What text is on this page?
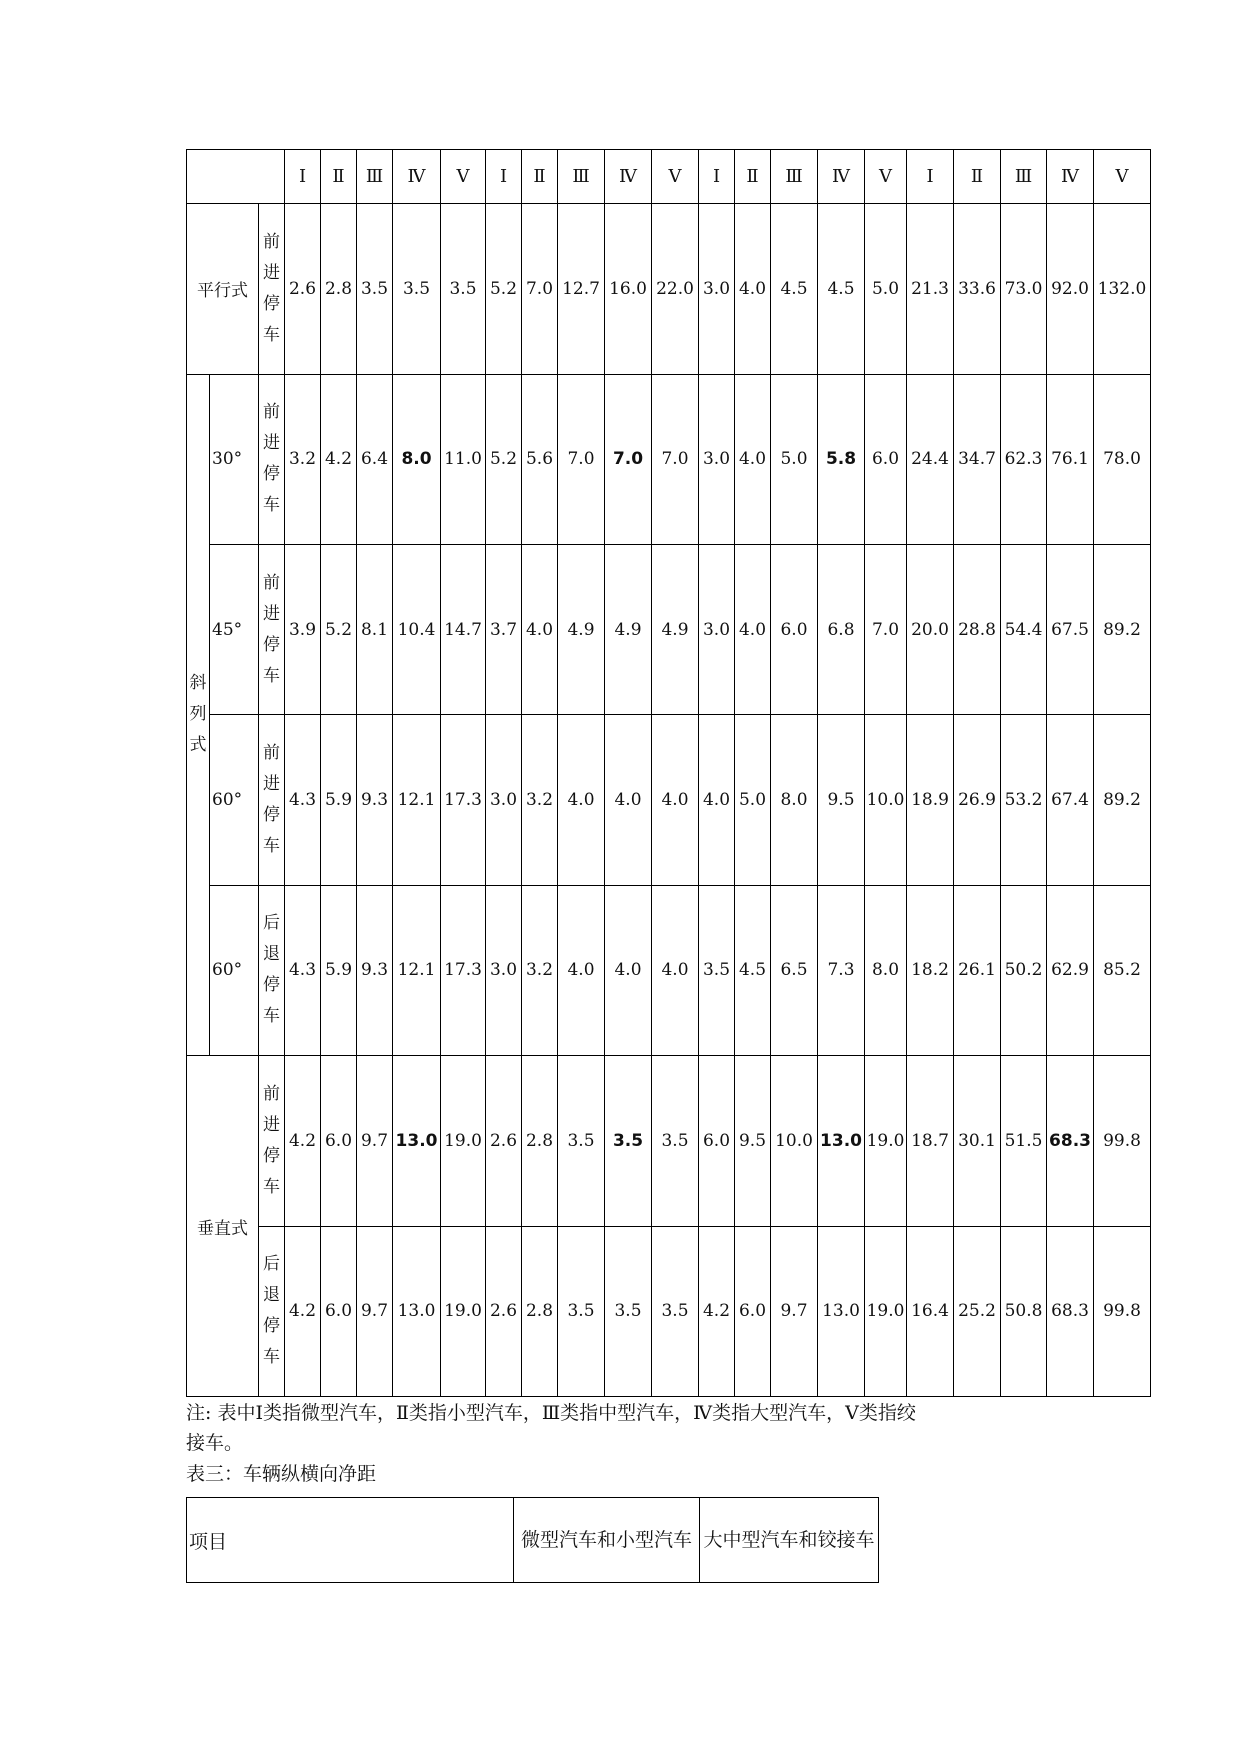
			Ⅰ	Ⅱ	Ⅲ	Ⅳ	Ⅴ	Ⅰ	Ⅱ	Ⅲ	Ⅳ	Ⅴ	Ⅰ	Ⅱ	Ⅲ	Ⅳ	Ⅴ	Ⅰ	Ⅱ	Ⅲ	Ⅳ	Ⅴ
平行式		前
进
停
车	2.6	2.8	3.5	3.5	3.5	5.2	7.0	12.7	16.0	22.0	3.0	4.0	4.5	4.5	5.0	21.3	33.6	73.0	92.0	132.0

斜
列
式	30°	前
进
停
车	3.2	4.2	6.4	8.0	11.0	5.2	5.6	7.0	7.0	7.0	3.0	4.0	5.0	5.8	6.0	24.4	34.7	62.3	76.1	78.0
	45°	前
进
停
车	3.9	5.2	8.1	10.4	14.7	3.7	4.0	4.9	4.9	4.9	3.0	4.0	6.0	6.8	7.0	20.0	28.8	54.4	67.5	89.2
	60°	前
进
停
车	4.3	5.9	9.3	12.1	17.3	3.0	3.2	4.0	4.0	4.0	4.0	5.0	8.0	9.5	10.0	18.9	26.9	53.2	67.4	89.2
	60°	后
退
停
车	4.3	5.9	9.3	12.1	17.3	3.0	3.2	4.0	4.0	4.0	3.5	4.5	6.5	7.3	8.0	18.2	26.1	50.2	62.9	85.2
垂直式		前
进
停
车	4.2	6.0	9.7	13.0	19.0	2.6	2.8	3.5	3.5	3.5	6.0	9.5	10.0	13.0	19.0	18.7	30.1	51.5	68.3	99.8

		后
退
停
车	4.2	6.0	9.7	13.0	19.0	2.6	2.8	3.5	3.5	3.5	4.2	6.0	9.7	13.0	19.0	16.4	25.2	50.8	68.3	99.8
注: 表中Ⅰ类指微型汽车，Ⅱ类指小型汽车，Ⅲ类指中型汽车，Ⅳ类指大型汽车，Ⅴ类指绞
接车。
表三：车辆纵横向净距
项目	微型汽车和小型汽车	大中型汽车和铰接车
